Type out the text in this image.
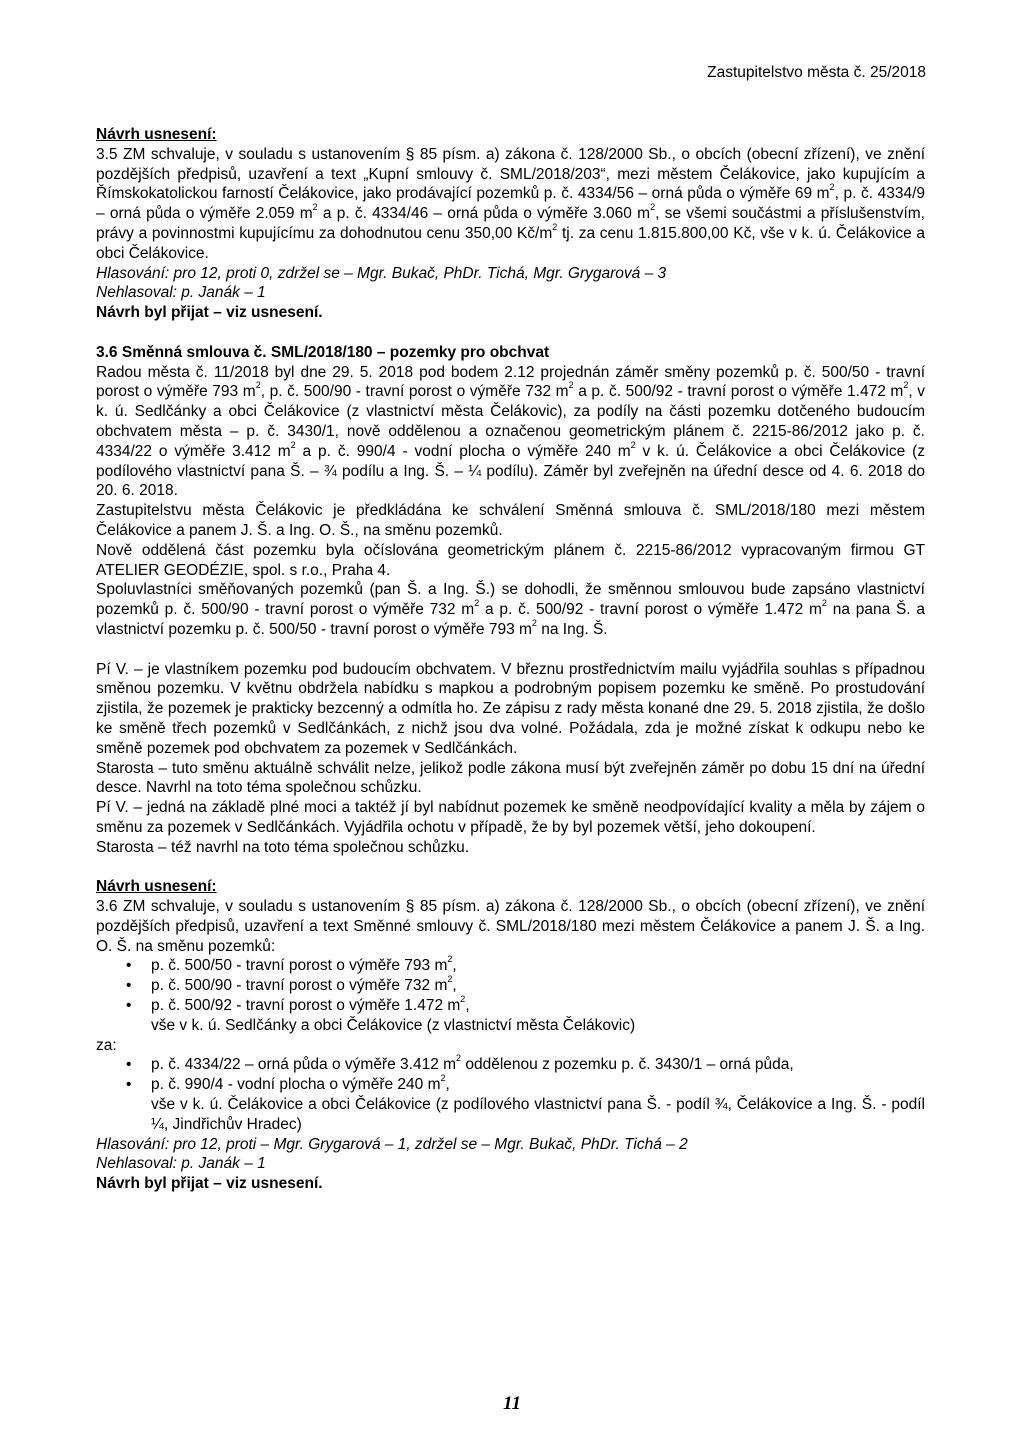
Zastupitelstvo města č. 25/2018
Návrh usnesení:

3.5 ZM schvaluje, v souladu s ustanovením § 85 písm. a) zákona č. 128/2000 Sb., o obcích (obecní zřízení), ve znění pozdějších předpisů, uzavření a text „Kupní smlouvy č. SML/2018/203“, mezi městem Čelákovice, jako kupujícím a Římskokatolickou farností Čelákovice, jako prodávající pozemků p. č. 4334/56 – orná půda o výměře 69 $m^2$, p. č. 4334/9 – orná půda o výměře 2.059 $m^2$ a p. č. 4334/46 – orná půda o výměře 3.060 $m^2$, se všemi součástmi a příslušenstvím, právy a povinnostmi kupujícímu za dohodnutou cenu 350,00 $Kč/m^2$ tj. za cenu 1.815.800,00 Kč, vše v k. ú. Čelákovice a obci Čelákovice.

Hlasování: pro 12, proti 0, zdržel se – Mgr. Bukač, PhDr. Tichá, Mgr. Grygarová – 3
Nehlasoval: p. Janák – 1
Návrh byl přijat – viz usnesení.
3.6 Směnná smlouva č. SML/2018/180 – pozemky pro obchvat

Radou města č. 11/2018 byl dne 29. 5. 2018 pod bodem 2.12 projednán záměr směny pozemků p. č. 500/50 - travní porost o výměře 793 $m^2$, p. č. 500/90 - travní porost o výměře 732 $m^2$ a p. č. 500/92 - travní porost o výměře 1.472 $m^2$, v k. ú. Sedlčánky a obci Čelákovice (z vlastnictví města Čelákovic), za podíly na části pozemku dotčeného budoucím obchvatem města – p. č. 3430/1, nově oddělenou a označenou geometrickým plánem č. 2215-86/2012 jako p. č. 4334/22 o výměře 3.412 $m^2$ a p. č. 990/4 - vodní plocha o výměře 240 $m^2$ v k. ú. Čelákovice a obci Čelákovice (z podílového vlastnictví pana Š. – ¾ podílu a Ing. Š. – ¼ podílu). Záměr byl zveřejněn na úřední desce od 4. 6. 2018 do 20. 6. 2018.

Zastupitelstvu města Čelákovic je předkládána ke schválení Směnná smlouva č. SML/2018/180 mezi městem Čelákovice a panem J. Š. a Ing. O. Š., na směnu pozemků.

Nově oddělená část pozemku byla očíslována geometrickým plánem č. 2215-86/2012 vypracovaným firmou GT ATELIER GEODÉZIE, spol. s r.o., Praha 4.

Spoluvlastníci směňovaných pozemků (pan Š. a Ing. Š.) se dohodli, že směnnou smlouvou bude zapsáno vlastnictví pozemků p. č. 500/90 - travní porost o výměře 732 $m^2$ a p. č. 500/92 - travní porost o výměře 1.472 $m^2$ na pana Š. a vlastnictví pozemku p. č. 500/50 - travní porost o výměře 793 $m^2$ na Ing. Š.

Pí V. – je vlastníkem pozemku pod budoucím obchvatem. V březnu prostřednictvím mailu vyjádřila souhlas s případnou směnou pozemku. V květnu obdržela nabídku s mapkou a podrobným popisem pozemku ke směně. Po prostudování zjistila, že pozemek je prakticky bezcenný a odmítla ho. Ze zápisu z rady města konané dne 29. 5. 2018 zjistila, že došlo ke směně třech pozemků v Sedlčánkách, z nichž jsou dva volné. Požádala, zda je možné získat k odkupu nebo ke směně pozemek pod obchvatem za pozemek v Sedlčánkách.

Starosta – tuto směnu aktuálně schválit nelze, jelikož podle zákona musí být zveřejněn záměr po dobu 15 dní na úřední desce. Navrhl na toto téma společnou schůzku.

Pí V. – jedná na základě plné moci a taktéž jí byl nabídnut pozemek ke směně neodpovídající kvality a měla by zájem o směnu za pozemek v Sedlčánkách. Vyjádřila ochotu v případě, že by byl pozemek větší, jeho dokoupení.

Starosta – též navrhl na toto téma společnou schůzku.

Návrh usnesení:

3.6 ZM schvaluje, v souladu s ustanovením § 85 písm. a) zákona č. 128/2000 Sb., o obcích (obecní zřízení), ve znění pozdějších předpisů, uzavření a text Směnné smlouvy č. SML/2018/180 mezi městem Čelákovice a panem J. Š. a Ing. O. Š. na směnu pozemků:

•	p. č. 500/50 - travní porost o výměře 793 $m^2$,
•	p. č. 500/90 - travní porost o výměře 732 $m^2$,
•	p. č. 500/92 - travní porost o výměře 1.472 $m^2$,
vše v k. ú. Sedlčánky a obci Čelákovice (z vlastnictví města Čelákovic)
za:
•	p. č. 4334/22 – orná půda o výměře 3.412 $m^2$ oddělenou z pozemku p. č. 3430/1 – orná půda,
•	p. č. 990/4 - vodní plocha o výměře 240 $m^2$,
vše v k. ú. Čelákovice a obci Čelákovice (z podílového vlastnictví pana Š. - podíl ¾, Čelákovice a Ing. Š. - podíl ¼, Jindřichův Hradec)
Hlasování: pro 12, proti – Mgr. Grygarová – 1, zdržel se – Mgr. Bukač, PhDr. Tichá – 2
Nehlasoval: p. Janák – 1
Návrh byl přijat – viz usnesení.
11
